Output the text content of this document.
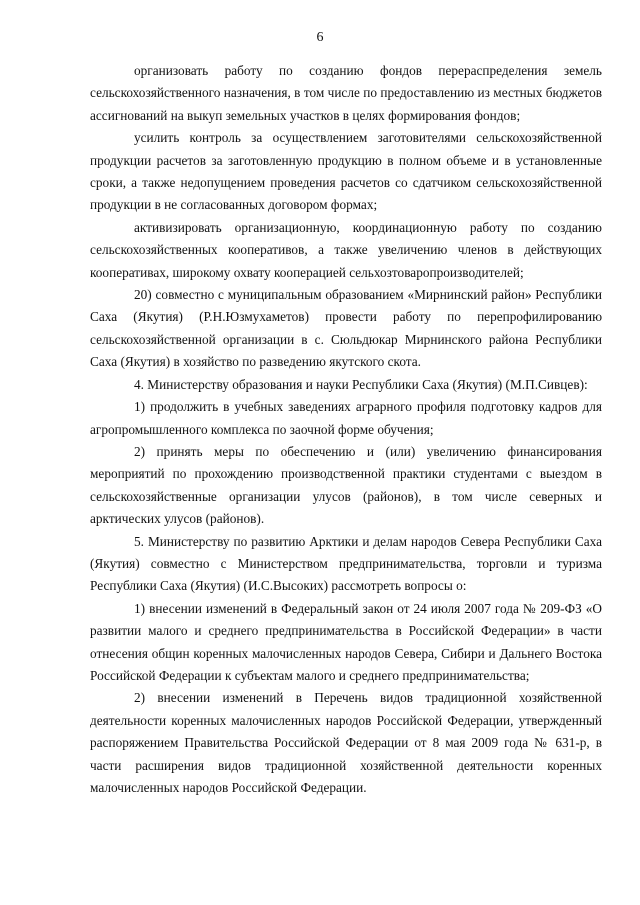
6

организовать работу по созданию фондов перераспределения земель сельскохозяйственного назначения, в том числе по предоставлению из местных бюджетов ассигнований на выкуп земельных участков в целях формирования фондов;

усилить контроль за осуществлением заготовителями сельскохозяйственной продукции расчетов за заготовленную продукцию в полном объеме и в установленные сроки, а также недопущением проведения расчетов со сдатчиком сельскохозяйственной продукции в не согласованных договором формах;

активизировать организационную, координационную работу по созданию сельскохозяйственных кооперативов, а также увеличению членов в действующих кооперативах, широкому охвату кооперацией сельхозтоваропроизводителей;

20) совместно с муниципальным образованием «Мирнинский район» Республики Саха (Якутия) (Р.Н.Юзмухаметов) провести работу по перепрофилированию сельскохозяйственной организации в с. Сюльдюкар Мирнинского района Республики Саха (Якутия) в хозяйство по разведению якутского скота.

4. Министерству образования и науки Республики Саха (Якутия) (М.П.Сивцев):

1) продолжить в учебных заведениях аграрного профиля подготовку кадров для агропромышленного комплекса по заочной форме обучения;

2) принять меры по обеспечению и (или) увеличению финансирования мероприятий по прохождению производственной практики студентами с выездом в сельскохозяйственные организации улусов (районов), в том числе северных и арктических улусов (районов).

5. Министерству по развитию Арктики и делам народов Севера Республики Саха (Якутия) совместно с Министерством предпринимательства, торговли и туризма Республики Саха (Якутия) (И.С.Высоких) рассмотреть вопросы о:

1) внесении изменений в Федеральный закон от 24 июля 2007 года № 209-ФЗ «О развитии малого и среднего предпринимательства в Российской Федерации» в части отнесения общин коренных малочисленных народов Севера, Сибири и Дальнего Востока Российской Федерации к субъектам малого и среднего предпринимательства;

2) внесении изменений в Перечень видов традиционной хозяйственной деятельности коренных малочисленных народов Российской Федерации, утвержденный распоряжением Правительства Российской Федерации от 8 мая 2009 года № 631-р, в части расширения видов традиционной хозяйственной деятельности коренных малочисленных народов Российской Федерации.
